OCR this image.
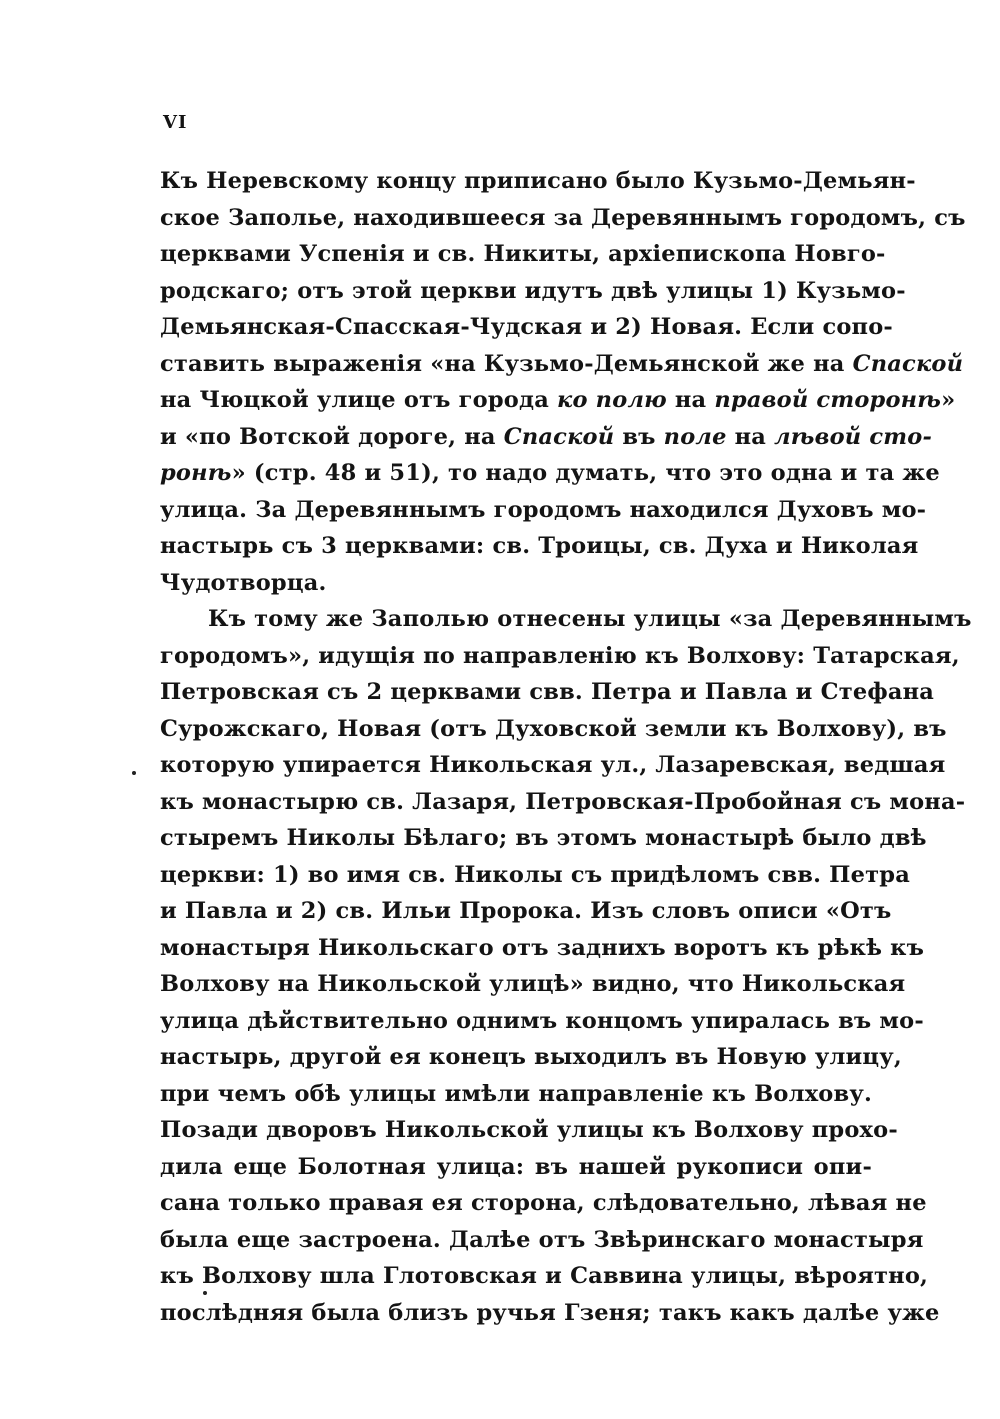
VI
Къ Неревскому концу приписано было Кузьмо-Демьян-
ское Заполье, находившееся за Деревяннымъ городомъ, съ
церквами Успенія и св. Никиты, архіепископа Новго-
родскаго; отъ этой церкви идутъ двѣ улицы 1) Кузьмо-
Демьянская-Спасская-Чудская и 2) Новая. Если сопо-
ставить выраженія «на Кузьмо-Демьянской же на Спаской
на Чюцкой улице отъ города ко полю на правой сторонѣ»
и «по Вотской дороге, на Спаской въ поле на лѣвой сто-
ронѣ» (стр. 48 и 51), то надо думать, что это одна и та же
улица. За Деревяннымъ городомъ находился Духовъ мо-
настырь съ 3 церквами: св. Троицы, св. Духа и Николая
Чудотворца.
Къ тому же Заполью отнесены улицы «за Деревяннымъ
городомъ», идущія по направленію къ Волхову: Татарская,
Петровская съ 2 церквами свв. Петра и Павла и Стефана
Сурожскаго, Новая (отъ Духовской земли къ Волхову), въ
которую упирается Никольская ул., Лазаревская, ведшая
къ монастырю св. Лазаря, Петровская-Пробойная съ мона-
стыремъ Николы Бѣлаго; въ этомъ монастырѣ было двѣ
церкви: 1) во имя св. Николы съ придѣломъ свв. Петра
и Павла и 2) св. Ильи Пророка. Изъ словъ описи «Отъ
монастыря Никольскаго отъ заднихъ воротъ къ рѣкѣ къ
Волхову на Никольской улицѣ» видно, что Никольская
улица дѣйствительно однимъ концомъ упиралась въ мо-
настырь, другой ея конецъ выходилъ въ Новую улицу,
при чемъ обѣ улицы имѣли направленіе къ Волхову.
Позади дворовъ Никольской улицы къ Волхову прохо-
дила еще Болотная улица: въ нашей рукописи опи-
сана только правая ея сторона, слѣдовательно, лѣвая не
была еще застроена. Далѣе отъ Звѣринскаго монастыря
къ Волхову шла Глотовская и Саввина улицы, вѣроятно,
послѣдняя была близъ ручья Гзеня; такъ какъ далѣе уже
